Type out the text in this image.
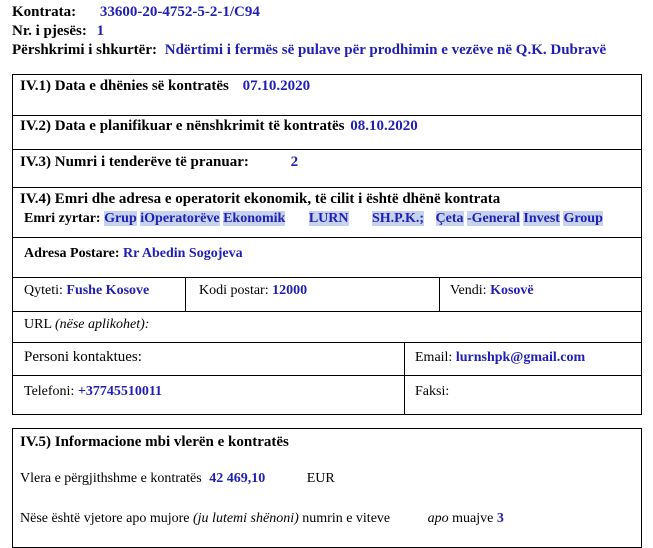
Kontrata: 33600-20-4752-5-2-1/C94
Nr. i pjesës: 1
Përshkrimi i shkurtër: Ndërtimi i fermës së pulave për prodhimin e vezëve në Q.K. Dubravë
IV.1) Data e dhënies së kontratës 07.10.2020
IV.2) Data e planifikuar e nënshkrimit të kontratës 08.10.2020
IV.3) Numri i tenderëve të pranuar:	2
IV.4) Emri dhe adresa e operatorit ekonomik, të cilit i është dhënë kontrata
Emri zyrtar: Grup iOperatorëve Ekonomik LURN SH.P.K.; Çeta -General Invest Group
Adresa Postare: Rr Abedin Sogojeva
Qyteti: Fushe Kosove	Kodi postar: 12000	Vendi: Kosovë
URL (nëse aplikohet):
Personi kontaktues:	Email: lurnshpk@gmail.com
Telefoni: +37745510011	Faksi:
IV.5) Informacione mbi vlerën e kontratës
Vlera e përgjithshme e kontratës 42 469,10	EUR
Nëse është vjetore apo mujore (ju lutemi shënoni) numrin e viteve	apo muajve 3
